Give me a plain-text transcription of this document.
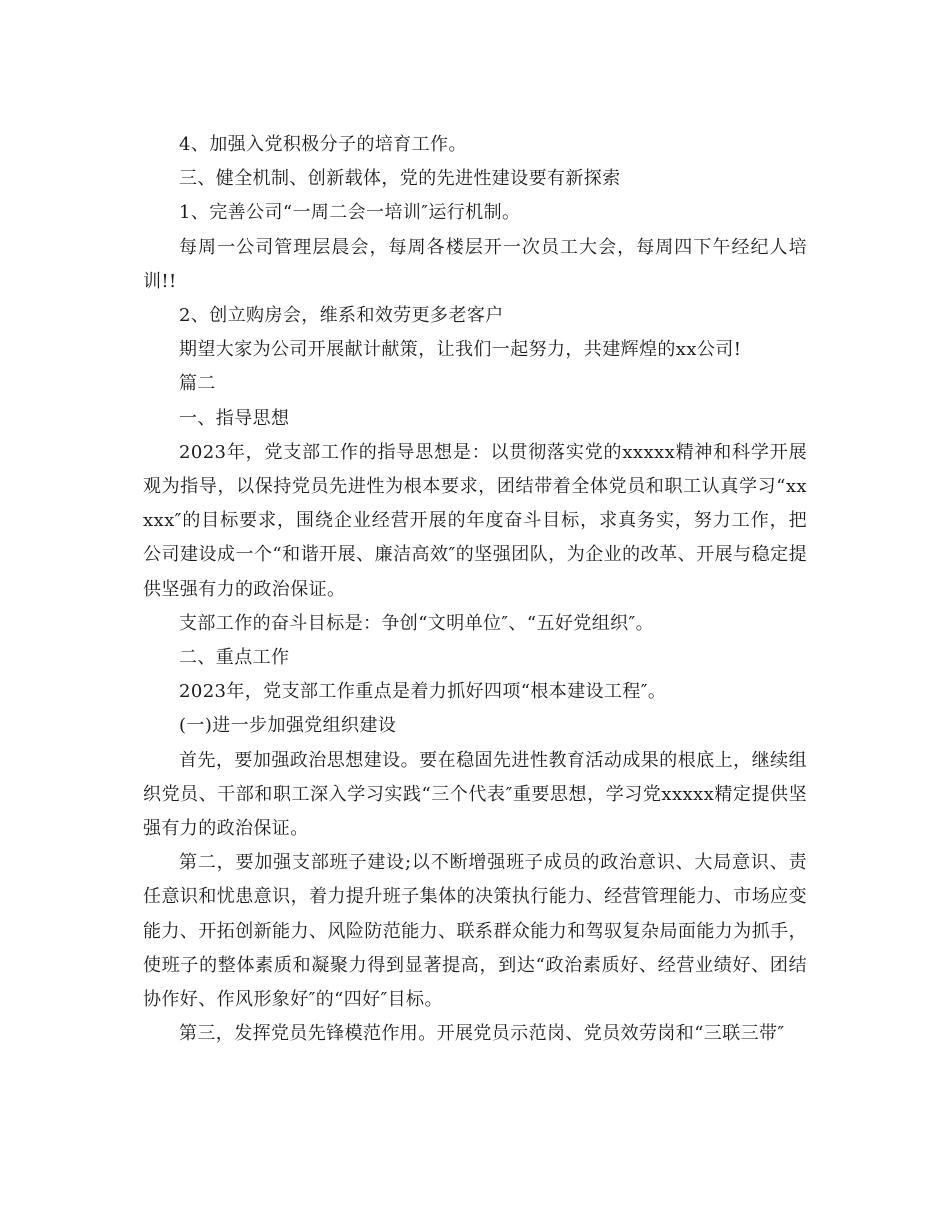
4、加强入党积极分子的培育工作。

三、健全机制、创新载体，党的先进性建设要有新探索

1、完善公司“一周二会一培训″运行机制。

每周一公司管理层晨会，每周各楼层开一次员工大会，每周四下午经纪人培训!!

2、创立购房会，维系和效劳更多老客户

期望大家为公司开展献计献策，让我们一起努力，共建辉煌的xx公司!

篇二

一、指导思想

2023年，党支部工作的指导思想是：以贯彻落实党的xxxxx精神和科学开展观为指导，以保持党员先进性为根本要求，团结带着全体党员和职工认真学习“xxxxx″的目标要求，围绕企业经营开展的年度奋斗目标，求真务实，努力工作，把公司建设成一个“和谐开展、廉洁高效″的坚强团队，为企业的改革、开展与稳定提供坚强有力的政治保证。

支部工作的奋斗目标是：争创“文明单位″、“五好党组织″。

二、重点工作

2023年，党支部工作重点是着力抓好四项“根本建设工程″。

(一)进一步加强党组织建设

首先，要加强政治思想建设。要在稳固先进性教育活动成果的根底上，继续组织党员、干部和职工深入学习实践“三个代表″重要思想，学习党xxxxx精定提供坚强有力的政治保证。

第二，要加强支部班子建设;以不断增强班子成员的政治意识、大局意识、责任意识和忧患意识，着力提升班子集体的决策执行能力、经营管理能力、市场应变能力、开拓创新能力、风险防范能力、联系群众能力和驾驭复杂局面能力为抓手，使班子的整体素质和凝聚力得到显著提高，到达“政治素质好、经营业绩好、团结协作好、作风形象好″的“四好″目标。

第三，发挥党员先锋模范作用。开展党员示范岗、党员效劳岗和“三联三带″
